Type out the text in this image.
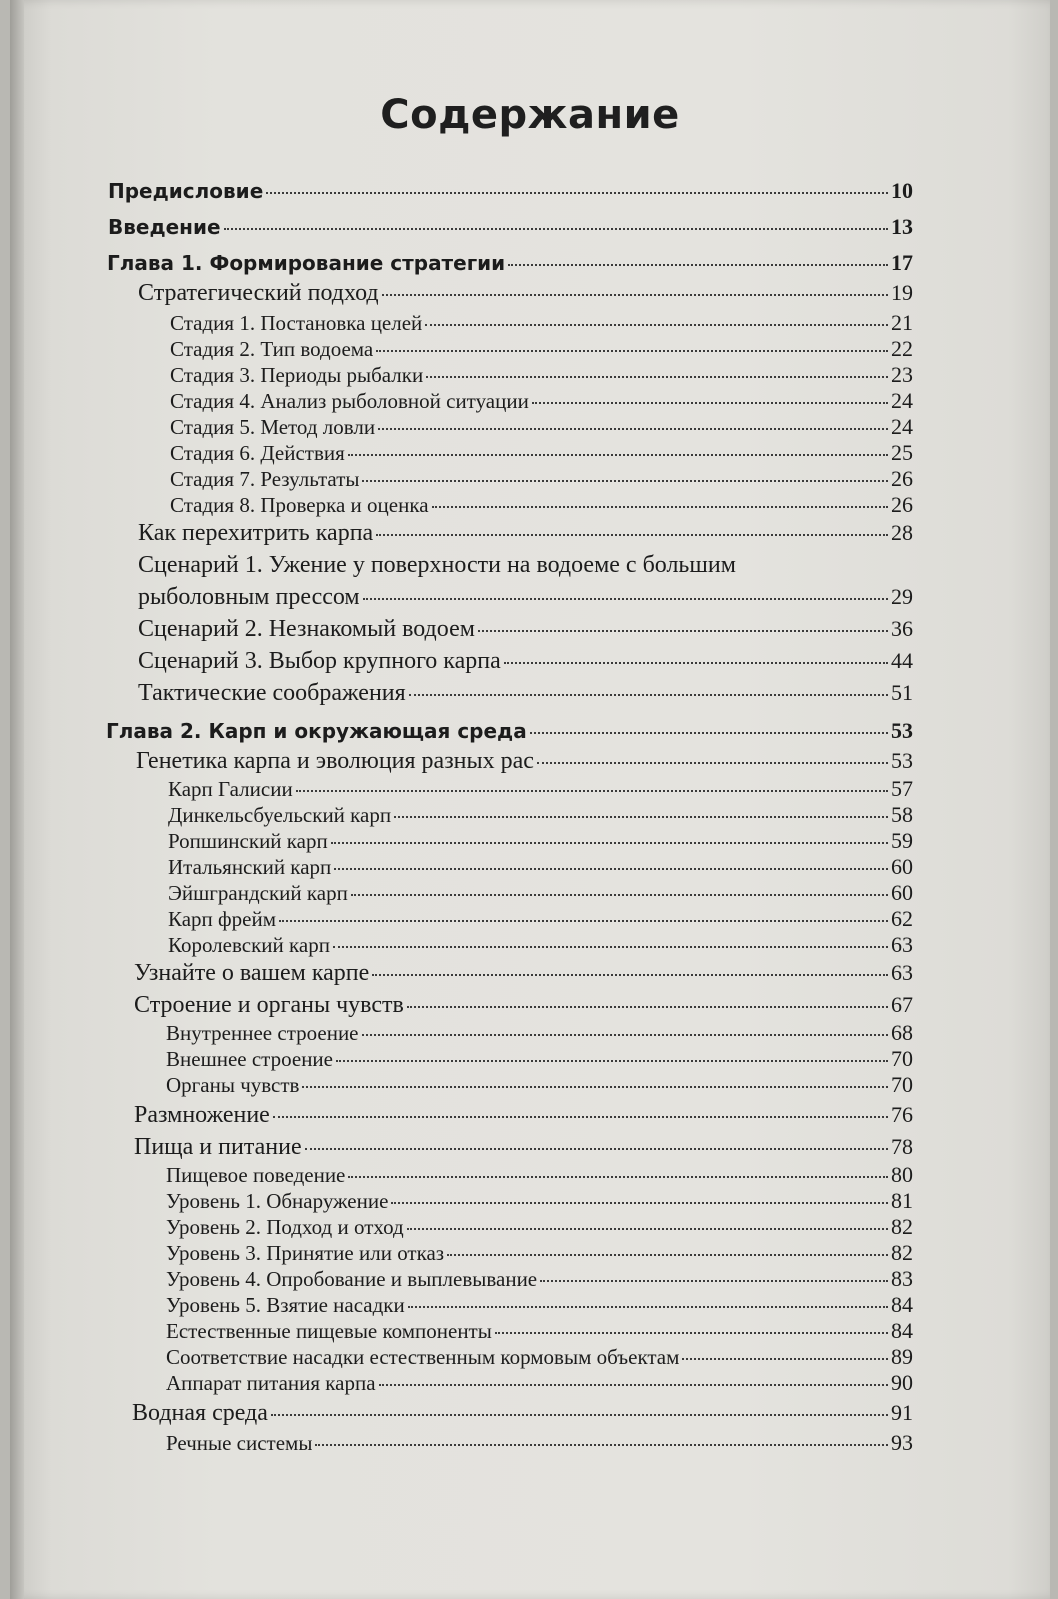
Содержание
Предисловие	10
Введение	13
Глава 1. Формирование стратегии	17
Стратегический подход	19
Стадия 1. Постановка целей	21
Стадия 2. Тип водоема	22
Стадия 3. Периоды рыбалки	23
Стадия 4. Анализ рыболовной ситуации	24
Стадия 5. Метод ловли	24
Стадия 6. Действия	25
Стадия 7. Результаты	26
Стадия 8. Проверка и оценка	26
Как перехитрить карпа	28
Сценарий 1. Ужение у поверхности на водоеме с большим
рыболовным прессом	29
Сценарий 2. Незнакомый водоем	36
Сценарий 3. Выбор крупного карпа	44
Тактические соображения	51
Глава 2. Карп и окружающая среда	53
Генетика карпа и эволюция разных рас	53
Карп Галисии	57
Динкельсбуельский карп	58
Ропшинский карп	59
Итальянский карп	60
Эйшграндский карп	60
Карп фрейм	62
Королевский карп	63
Узнайте о вашем карпе	63
Строение и органы чувств	67
Внутреннее строение	68
Внешнее строение	70
Органы чувств	70
Размножение	76
Пища и питание	78
Пищевое поведение	80
Уровень 1. Обнаружение	81
Уровень 2. Подход и отход	82
Уровень 3. Принятие или отказ	82
Уровень 4. Опробование и выплевывание	83
Уровень 5. Взятие насадки	84
Естественные пищевые компоненты	84
Соответствие насадки естественным кормовым объектам	89
Аппарат питания карпа	90
Водная среда	91
Речные системы	93
